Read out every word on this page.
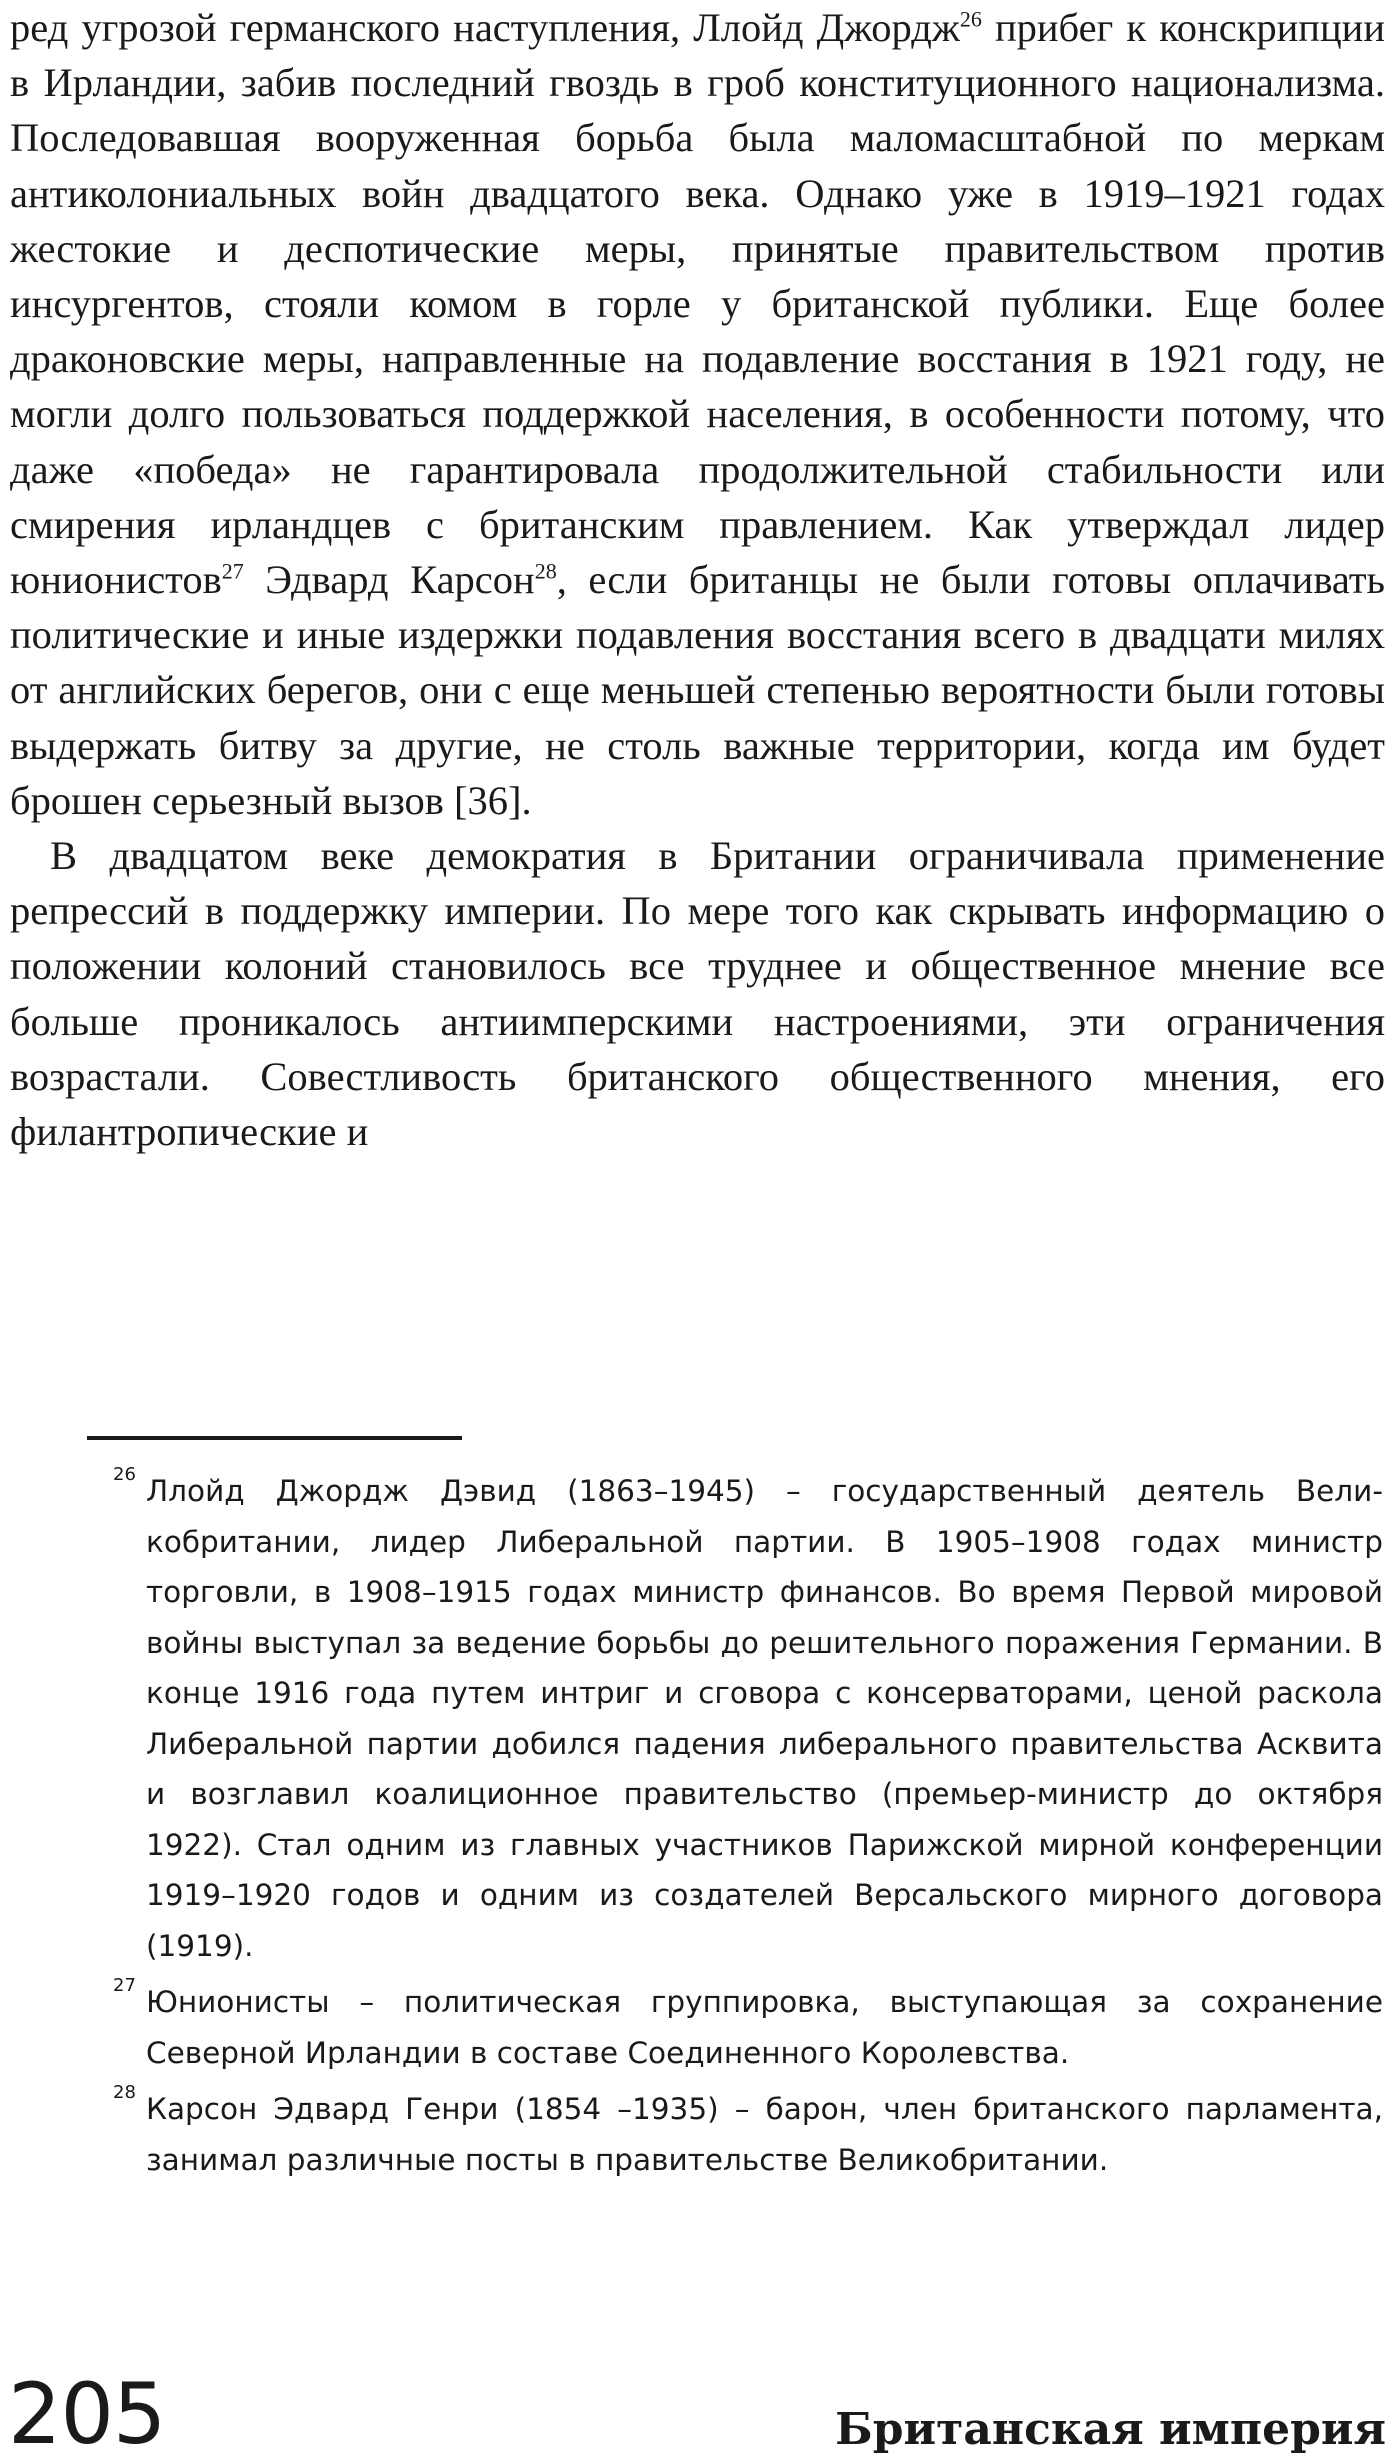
ред угрозой германского наступления, Ллойд Джордж$^{26}$ прибег к конскрипции в Ирландии, забив последний гвоздь в гроб конституционного национализма. Последовавшая вооруженная борьба была маломасштабной по меркам антиколониальных войн двадцатого века. Однако уже в 1919–1921 годах жестокие и деспотические меры, принятые правительством против инсургентов, стояли комом в горле у британской публики. Еще более драконовские меры, направленные на подавление восстания в 1921 году, не могли долго пользоваться поддержкой населения, в особенности потому, что даже «победа» не гарантировала продолжительной стабильности или смирения ирландцев с британским правлением. Как утверждал лидер юнионистов$^{27}$ Эдвард Карсон$^{28}$, если британцы не были готовы оплачивать политические и иные издержки подавления восстания всего в двадцати милях от английских берегов, они с еще меньшей степенью вероятности были готовы выдержать битву за другие, не столь важные территории, когда им будет брошен серьезный вызов [36].

В двадцатом веке демократия в Британии ограничивала применение репрессий в поддержку империи. По мере того как скрывать информацию о положении колоний становилось все труднее и общественное мнение все больше проникалось антиимперскими настроениями, эти ограничения возрастали. Совестливость британского общественного мнения, его филантропические и

26 Ллойд Джордж Дэвид (1863–1945) – государственный деятель Великобритании, лидер Либеральной партии. В 1905–1908 годах министр торговли, в 1908–1915 годах министр финансов. Во время Первой мировой войны выступал за ведение борьбы до решительного поражения Германии. В конце 1916 года путем интриг и сговора с консерваторами, ценой раскола Либеральной партии добился падения либерального правительства Асквита и возглавил коалиционное правительство (премьер-министр до октября 1922). Стал одним из главных участников Парижской мирной конференции 1919–1920 годов и одним из создателей Версальского мирного договора (1919).

27 Юнионисты – политическая группировка, выступающая за сохранение Северной Ирландии в составе Соединенного Королевства.

28 Карсон Эдвард Генри (1854 –1935) – барон, член британского парламента, занимал различные посты в правительстве Великобритании.

205	Британская империя
